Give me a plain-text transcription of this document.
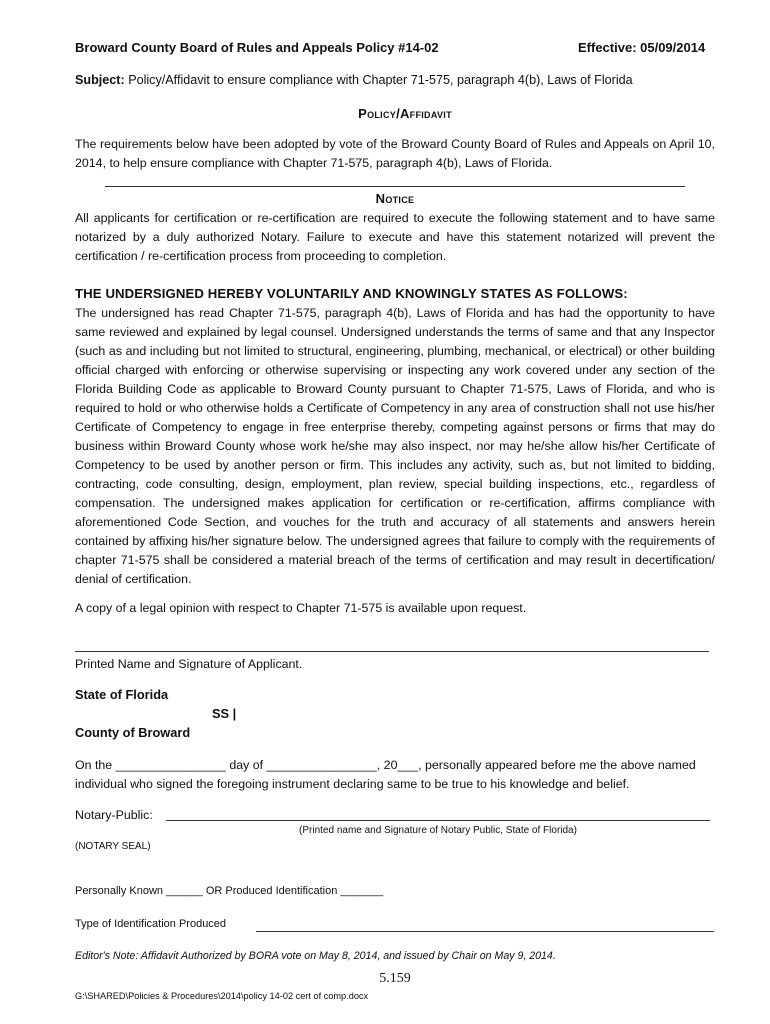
Broward County Board of Rules and Appeals Policy #14-02	Effective: 05/09/2014
Subject: Policy/Affidavit to ensure compliance with Chapter 71-575, paragraph 4(b), Laws of Florida
Policy/Affidavit
The requirements below have been adopted by vote of the Broward County Board of Rules and Appeals on April 10, 2014, to help ensure compliance with Chapter 71-575, paragraph 4(b), Laws of Florida.
Notice
All applicants for certification or re-certification are required to execute the following statement and to have same notarized by a duly authorized Notary. Failure to execute and have this statement notarized will prevent the certification / re-certification process from proceeding to completion.
THE UNDERSIGNED HEREBY VOLUNTARILY AND KNOWINGLY STATES AS FOLLOWS:
The undersigned has read Chapter 71-575, paragraph 4(b), Laws of Florida and has had the opportunity to have same reviewed and explained by legal counsel. Undersigned understands the terms of same and that any Inspector (such as and including but not limited to structural, engineering, plumbing, mechanical, or electrical) or other building official charged with enforcing or otherwise supervising or inspecting any work covered under any section of the Florida Building Code as applicable to Broward County pursuant to Chapter 71-575, Laws of Florida, and who is required to hold or who otherwise holds a Certificate of Competency in any area of construction shall not use his/her Certificate of Competency to engage in free enterprise thereby, competing against persons or firms that may do business within Broward County whose work he/she may also inspect, nor may he/she allow his/her Certificate of Competency to be used by another person or firm. This includes any activity, such as, but not limited to bidding, contracting, code consulting, design, employment, plan review, special building inspections, etc., regardless of compensation. The undersigned makes application for certification or re-certification, affirms compliance with aforementioned Code Section, and vouches for the truth and accuracy of all statements and answers herein contained by affixing his/her signature below. The undersigned agrees that failure to comply with the requirements of chapter 71-575 shall be considered a material breach of the terms of certification and may result in decertification/ denial of certification.
A copy of a legal opinion with respect to Chapter 71-575 is available upon request.
Printed Name and Signature of Applicant.
State of Florida
SS |
County of Broward
On the ________________ day of ________________, 20___, personally appeared before me the above named
individual who signed the foregoing instrument declaring same to be true to his knowledge and belief.
Notary-Public:
(Printed name and Signature of Notary Public, State of Florida)
(NOTARY SEAL)
Personally Known ______ OR Produced Identification _______
Type of Identification Produced
Editor's Note: Affidavit Authorized by BORA vote on May 8, 2014, and issued by Chair on May 9, 2014.
5.159
G:\SHARED\Policies & Procedures\2014\policy 14-02 cert of comp.docx
